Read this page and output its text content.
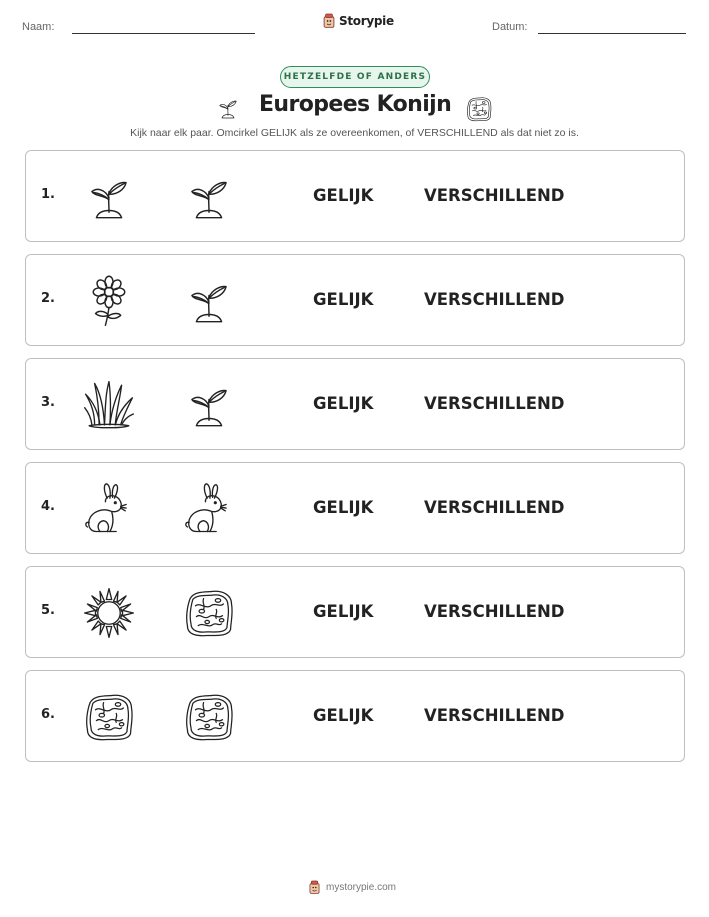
Naam:	Storypie	Datum:
HETZELFDE OF ANDERS
Europees Konijn
Kijk naar elk paar. Omcirkel GELIJK als ze overeenkomen, of VERSCHILLEND als dat niet zo is.
1.	GELIJK	VERSCHILLEND
2.	GELIJK	VERSCHILLEND
3.	GELIJK	VERSCHILLEND
4.	GELIJK	VERSCHILLEND
5.	GELIJK	VERSCHILLEND
6.	GELIJK	VERSCHILLEND
mystorypie.com
